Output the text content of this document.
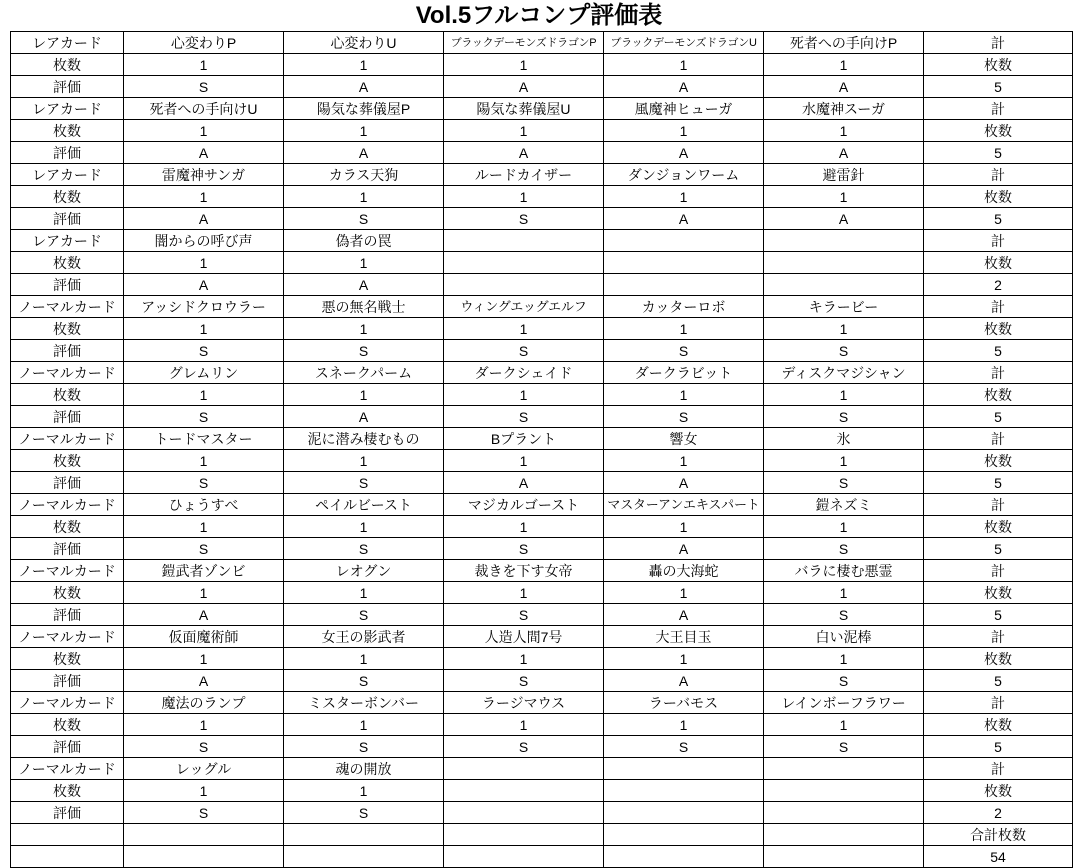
Vol.5フルコンプ評価表
レアカード	心変わりP	心変わりU	ブラックデーモンズドラゴンP	ブラックデーモンズドラゴンU	死者への手向けP	計
枚数	1	1	1	1	1	枚数
評価	S	A	A	A	A	5
レアカード	死者への手向けU	陽気な葬儀屋P	陽気な葬儀屋U	風魔神ヒューガ	水魔神スーガ	計
枚数	1	1	1	1	1	枚数
評価	A	A	A	A	A	5
レアカード	雷魔神サンガ	カラス天狗	ルードカイザー	ダンジョンワーム	避雷針	計
枚数	1	1	1	1	1	枚数
評価	A	S	S	A	A	5
レアカード	闇からの呼び声	偽者の罠				計
枚数	1	1				枚数
評価	A	A				2
ノーマルカード	アッシドクロウラー	悪の無名戦士	ウィングエッグエルフ	カッターロボ	キラービー	計
枚数	1	1	1	1	1	枚数
評価	S	S	S	S	S	5
ノーマルカード	グレムリン	スネークパーム	ダークシェイド	ダークラビット	ディスクマジシャン	計
枚数	1	1	1	1	1	枚数
評価	S	A	S	S	S	5
ノーマルカード	トードマスター	泥に潜み棲むもの	Bプラント	響女	氷	計
枚数	1	1	1	1	1	枚数
評価	S	S	A	A	S	5
ノーマルカード	ひょうすべ	ペイルビースト	マジカルゴースト	マスターアンエキスパート	鎧ネズミ	計
枚数	1	1	1	1	1	枚数
評価	S	S	S	A	S	5
ノーマルカード	鎧武者ゾンビ	レオグン	裁きを下す女帝	轟の大海蛇	バラに棲む悪霊	計
枚数	1	1	1	1	1	枚数
評価	A	S	S	A	S	5
ノーマルカード	仮面魔術師	女王の影武者	人造人間7号	大王目玉	白い泥棒	計
枚数	1	1	1	1	1	枚数
評価	A	S	S	A	S	5
ノーマルカード	魔法のランプ	ミスターボンバー	ラージマウス	ラーバモス	レインボーフラワー	計
枚数	1	1	1	1	1	枚数
評価	S	S	S	S	S	5
ノーマルカード	レッグル	魂の開放				計
枚数	1	1				枚数
評価	S	S				2
						合計枚数
						54
